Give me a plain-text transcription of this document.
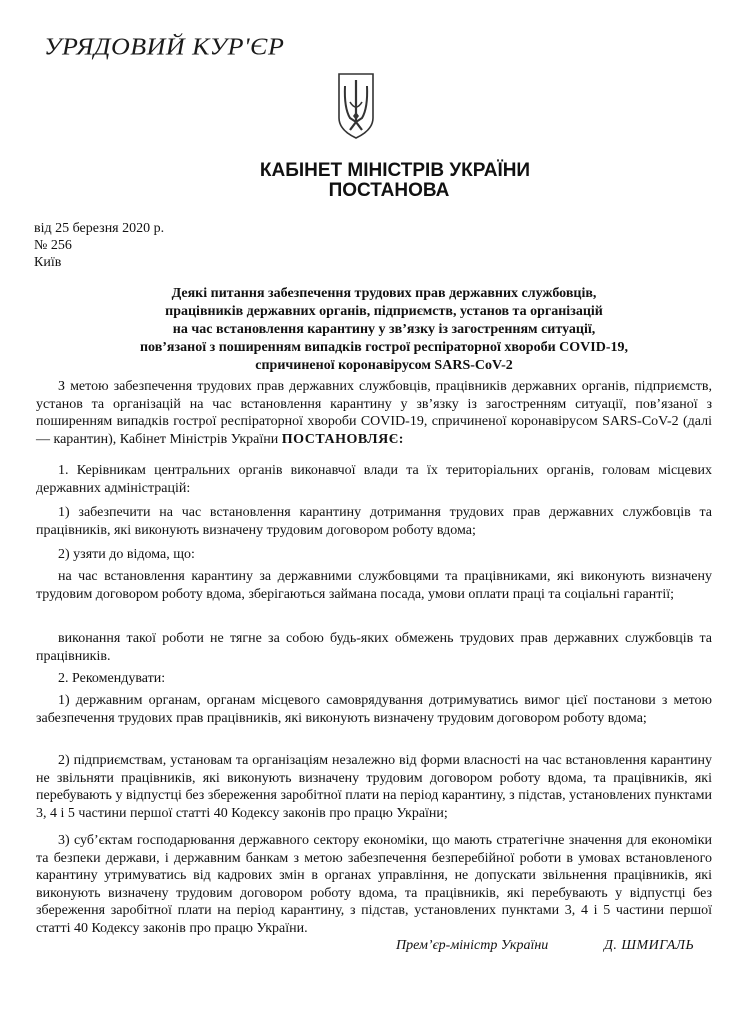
УРЯДОВИЙ КУР'ЄР
КАБІНЕТ МІНІСТРІВ УКРАЇНИ
ПОСТАНОВА
від 25 березня 2020 р.
№ 256
Київ
Деякі питання забезпечення трудових прав державних службовців,
працівників державних органів, підприємств, установ та організацій
на час встановлення карантину у зв’язку із загостренням ситуації,
пов’язаної з поширенням випадків гострої респіраторної хвороби COVID-19,
спричиненої коронавірусом SARS-CoV-2
З метою забезпечення трудових прав державних службовців, працівників державних органів, підприємств, установ та організацій на час встановлення карантину у зв’язку із загостренням ситуації, пов’язаної з поширенням випадків гострої респіраторної хвороби COVID-19, спричиненої коронавірусом SARS-CoV-2 (далі — карантин), Кабінет Міністрів України ПОСТАНОВЛЯЄ:
1. Керівникам центральних органів виконавчої влади та їх територіальних органів, головам місцевих державних адміністрацій:
1) забезпечити на час встановлення карантину дотримання трудових прав державних службовців та працівників, які виконують визначену трудовим договором роботу вдома;
2) узяти до відома, що:
на час встановлення карантину за державними службовцями та працівниками, які виконують визначену трудовим договором роботу вдома, зберігаються займана посада, умови оплати праці та соціальні гарантії;
виконання такої роботи не тягне за собою будь-яких обмежень трудових прав державних службовців та працівників.
2. Рекомендувати:
1) державним органам, органам місцевого самоврядування дотримуватись вимог цієї постанови з метою забезпечення трудових прав працівників, які виконують визначену трудовим договором роботу вдома;
2) підприємствам, установам та організаціям незалежно від форми власності на час встановлення карантину не звільняти працівників, які виконують визначену трудовим договором роботу вдома, та працівників, які перебувають у відпустці без збереження заробітної плати на період карантину, з підстав, установлених пунктами 3, 4 і 5 частини першої статті 40 Кодексу законів про працю України;
3) суб’єктам господарювання державного сектору економіки, що мають стратегічне значення для економіки та безпеки держави, і державним банкам з метою забезпечення безперебійної роботи в умовах встановленого карантину утримуватись від кадрових змін в органах управління, не допускати звільнення працівників, які виконують визначену трудовим договором роботу вдома, та працівників, які перебувають у відпустці без збереження заробітної плати на період карантину, з підстав, установлених пунктами 3, 4 і 5 частини першої статті 40 Кодексу законів про працю України.
Прем’єр-міністр України	Д. ШМИГАЛЬ
